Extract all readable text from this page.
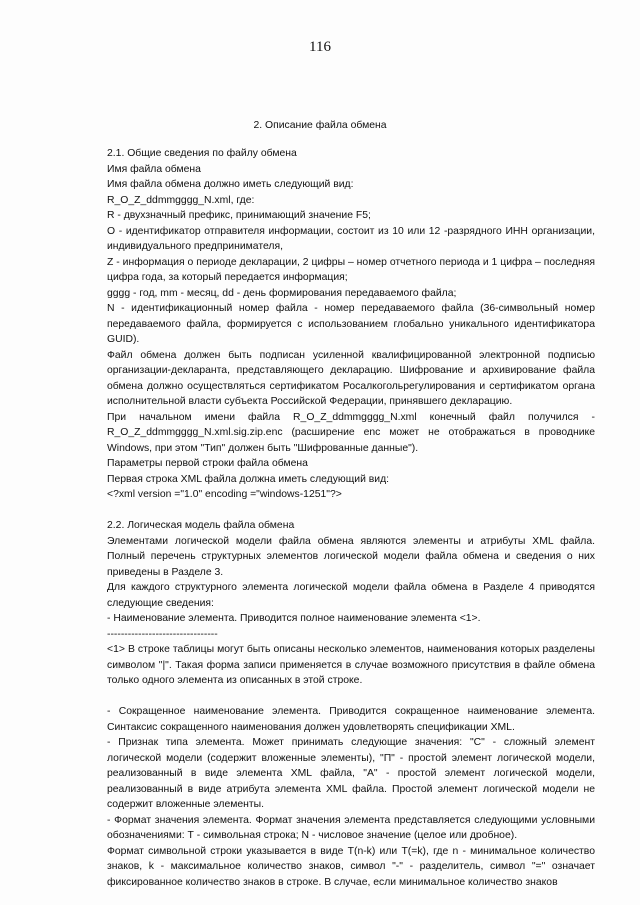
116
2. Описание файла обмена

2.1. Общие сведения по файлу обмена

Имя файла обмена

Имя файла обмена должно иметь следующий вид:

R_O_Z_ddmmgggg_N.xml, где:

R - двухзначный префикс, принимающий значение F5;

O - идентификатор отправителя информации, состоит из 10 или 12 -разрядного ИНН организации, индивидуального предпринимателя,

Z - информация о периоде декларации, 2 цифры – номер отчетного периода и 1 цифра – последняя цифра года, за который передается информация;

gggg - год, mm - месяц, dd - день формирования передаваемого файла;

N - идентификационный номер файла - номер передаваемого файла (36-символьный номер передаваемого файла, формируется с использованием глобально уникального идентификатора GUID).

Файл обмена должен быть подписан усиленной квалифицированной электронной подписью организации-декларанта, представляющего декларацию. Шифрование и архивирование файла обмена должно осуществляться сертификатом Росалкогольрегулирования и сертификатом органа исполнительной власти субъекта Российской Федерации, принявшего декларацию.

При начальном имени файла R_O_Z_ddmmgggg_N.xml конечный файл получился - R_O_Z_ddmmgggg_N.xml.sig.zip.enc (расширение enc может не отображаться в проводнике Windows, при этом "Тип" должен быть "Шифрованные данные").

Параметры первой строки файла обмена

Первая строка XML файла должна иметь следующий вид:

<?xml version ="1.0" encoding ="windows-1251"?>

2.2. Логическая модель файла обмена

Элементами логической модели файла обмена являются элементы и атрибуты XML файла. Полный перечень структурных элементов логической модели файла обмена и сведения о них приведены в Разделе 3.

Для каждого структурного элемента логической модели файла обмена в Разделе 4 приводятся следующие сведения:

- Наименование элемента. Приводится полное наименование элемента <1>.

--------------------------------

<1> В строке таблицы могут быть описаны несколько элементов, наименования которых разделены символом "|". Такая форма записи применяется в случае возможного присутствия в файле обмена только одного элемента из описанных в этой строке.

- Сокращенное наименование элемента. Приводится сокращенное наименование элемента. Синтаксис сокращенного наименования должен удовлетворять спецификации XML.

- Признак типа элемента. Может принимать следующие значения: "С" - сложный элемент логической модели (содержит вложенные элементы), "П" - простой элемент логической модели, реализованный в виде элемента XML файла, "А" - простой элемент логической модели, реализованный в виде атрибута элемента XML файла. Простой элемент логической модели не содержит вложенные элементы.

- Формат значения элемента. Формат значения элемента представляется следующими условными обозначениями: Т - символьная строка; N - числовое значение (целое или дробное).

Формат символьной строки указывается в виде Т(n-k) или Т(=k), где n - минимальное количество знаков, k - максимальное количество знаков, символ "-" - разделитель, символ "=" означает фиксированное количество знаков в строке. В случае, если минимальное количество знаков
